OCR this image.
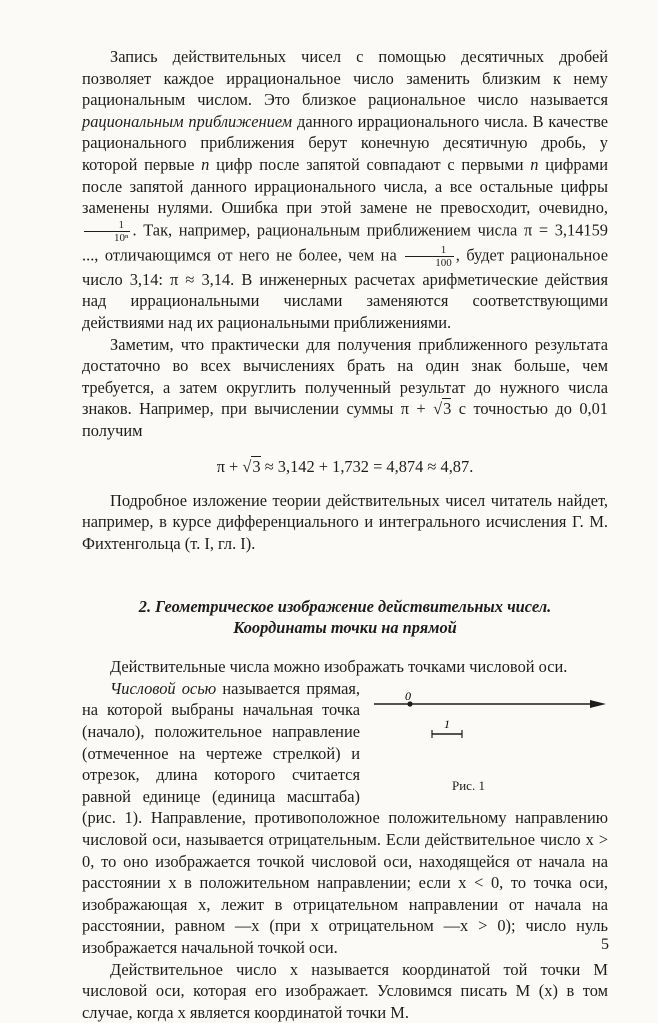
Запись действительных чисел с помощью десятичных дробей позволяет каждое иррациональное число заменить близким к нему рациональным числом. Это близкое рациональное число называется рациональным приближением данного иррационального числа. В качестве рационального приближения берут конечную десятичную дробь, у которой первые n цифр после запятой совпадают с первыми n цифрами после запятой данного иррационального числа, а все остальные цифры заменены нулями. Ошибка при этой замене не превосходит, очевидно,
$\frac{1}{\text{10ⁿ}}$ . Так, например, рациональным приближением числа π = 3,14159 ..., отличающимся от него не более, чем на $\frac{1}{100}$ , будет рациональное число 3,14: π ≈ 3,14. В инженерных расчетах арифметические действия над иррациональными числами заменяются соответствующими действиями над их рациональными приближениями.

Заметим, что практически для получения приближенного результата достаточно во всех вычислениях брать на один знак больше, чем требуется, а затем округлить полученный результат до нужного числа знаков. Например, при вычислении суммы π + √3 с точностью до 0,01 получим

π + √3 ≈ 3,142 + 1,732 = 4,874 ≈ 4,87.

Подробное изложение теории действительных чисел читатель найдет, например, в курсе дифференциального и интегрального исчисления Г. М. Фихтенгольца (т. I, гл. I).

2. Геометрическое изображение действительных чисел.
Координаты точки на прямой

Действительные числа можно изображать точками числовой оси.

0
1
Рис. 1

Числовой осью называется прямая, на которой выбраны начальная точка (начало), положительное направление (отмеченное на чертеже стрелкой) и отрезок, длина которого считается равной единице (единица масштаба) (рис. 1). Направление, противоположное положительному направлению числовой оси, называется отрицательным. Если действительное число x > 0, то оно изображается точкой числовой оси, находящейся от начала на расстоянии x в положительном направлении; если x < 0, то точка оси, изображающая x, лежит в отрицательном направлении от начала на расстоянии, равном —x (при x отрицательном —x > 0); число нуль изображается начальной точкой оси.

Действительное число x называется координатой той точки M числовой оси, которая его изображает. Условимся писать M (x) в том случае, когда x является координатой точки M.

5
